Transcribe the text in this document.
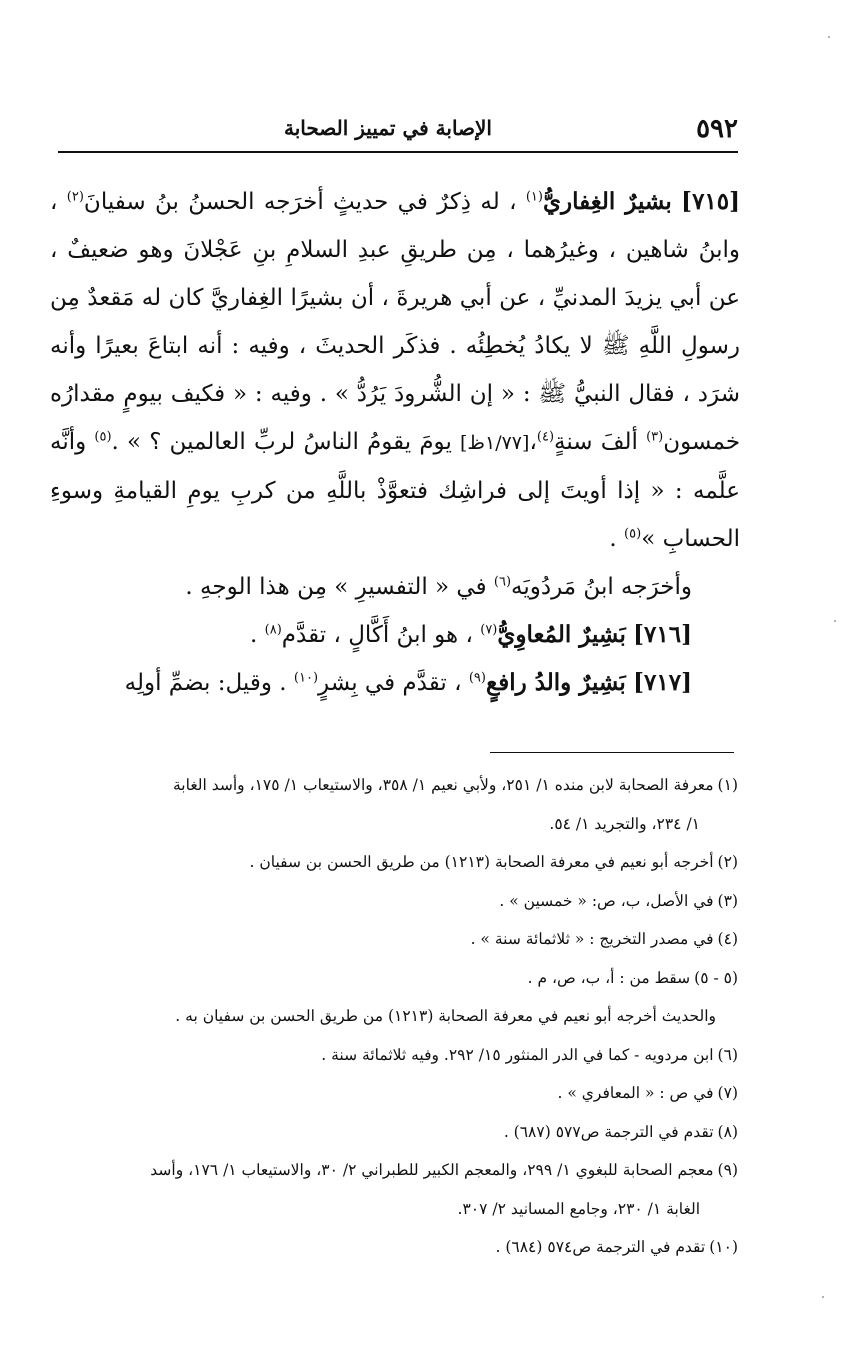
٥٩٢
الإصابة في تمييز الصحابة

[٧١٥] بشيرٌ الغِفاريُّ$^{(١)}$ ، له ذِكرٌ في حديثٍ أخرَجه الحسنُ بنُ سفيانَ$^{(٢)}$ ، وابنُ شاهين ، وغيرُهما ، مِن طريقِ عبدِ السلامِ بنِ عَجْلانَ وهو ضعيفٌ ، عن أبي يزيدَ المدنيِّ ، عن أبي هريرةَ ، أن بشيرًا الغِفاريَّ كان له مَقعدٌ مِن رسولِ اللَّهِ ﷺ لا يكادُ يُخطِئُه . فذكَر الحديثَ ، وفيه : أنه ابتاعَ بعيرًا وأنه شرَد ، فقال النبيُّ ﷺ : « إن الشُّرودَ يَرُدُّ » . وفيه : « فكيف بيومٍ مقدارُه خمسون$^{(٣)}$ ألفَ سنةٍ$^{(٤)}$،[١/٧٧ظ] يومَ يقومُ الناسُ لربِّ العالمين ؟ » .$^{(٥)}$ وأنَّه علَّمه : « إذا أويتَ إلى فراشِك فتعوَّذْ باللَّهِ من كربِ يومِ القيامةِ وسوءِ الحسابِ »$^{(٥)}$ .

وأخرَجه ابنُ مَردُويَه$^{(٦)}$ في « التفسيرِ » مِن هذا الوجهِ .

[٧١٦] بَشِيرٌ المُعاوِيُّ$^{(٧)}$ ، هو ابنُ أَكَّالٍ ، تقدَّم$^{(٨)}$ .

[٧١٧] بَشِيرٌ والدُ رافعٍ$^{(٩)}$ ، تقدَّم في بِشرٍ$^{(١٠)}$ . وقيل: بضمِّ أولِه

(١)معرفة الصحابة لابن منده ١/ ٢٥١، ولأبي نعيم ١/ ٣٥٨، والاستيعاب ١/ ١٧٥، وأسد الغابة

١/ ٢٣٤، والتجريد ١/ ٥٤.

(٢)أخرجه أبو نعيم في معرفة الصحابة (١٢١٣) من طريق الحسن بن سفيان .

(٣)في الأصل، ب، ص: « خمسين » .

(٤)في مصدر التخريج : « ثلاثمائة سنة » .

(٥ - ٥)سقط من : أ، ب، ص، م .

والحديث أخرجه أبو نعيم في معرفة الصحابة (١٢١٣) من طريق الحسن بن سفيان به .

(٦)ابن مردويه - كما في الدر المنثور ١٥/ ٢٩٢. وفيه ثلاثمائة سنة .

(٧)في ص : « المعافري » .

(٨)تقدم في الترجمة ص٥٧٧ (٦٨٧) .

(٩)معجم الصحابة للبغوي ١/ ٢٩٩، والمعجم الكبير للطبراني ٢/ ٣٠، والاستيعاب ١/ ١٧٦، وأسد

الغابة ١/ ٢٣٠، وجامع المسانيد ٢/ ٣٠٧.

(١٠)تقدم في الترجمة ص٥٧٤ (٦٨٤) .
